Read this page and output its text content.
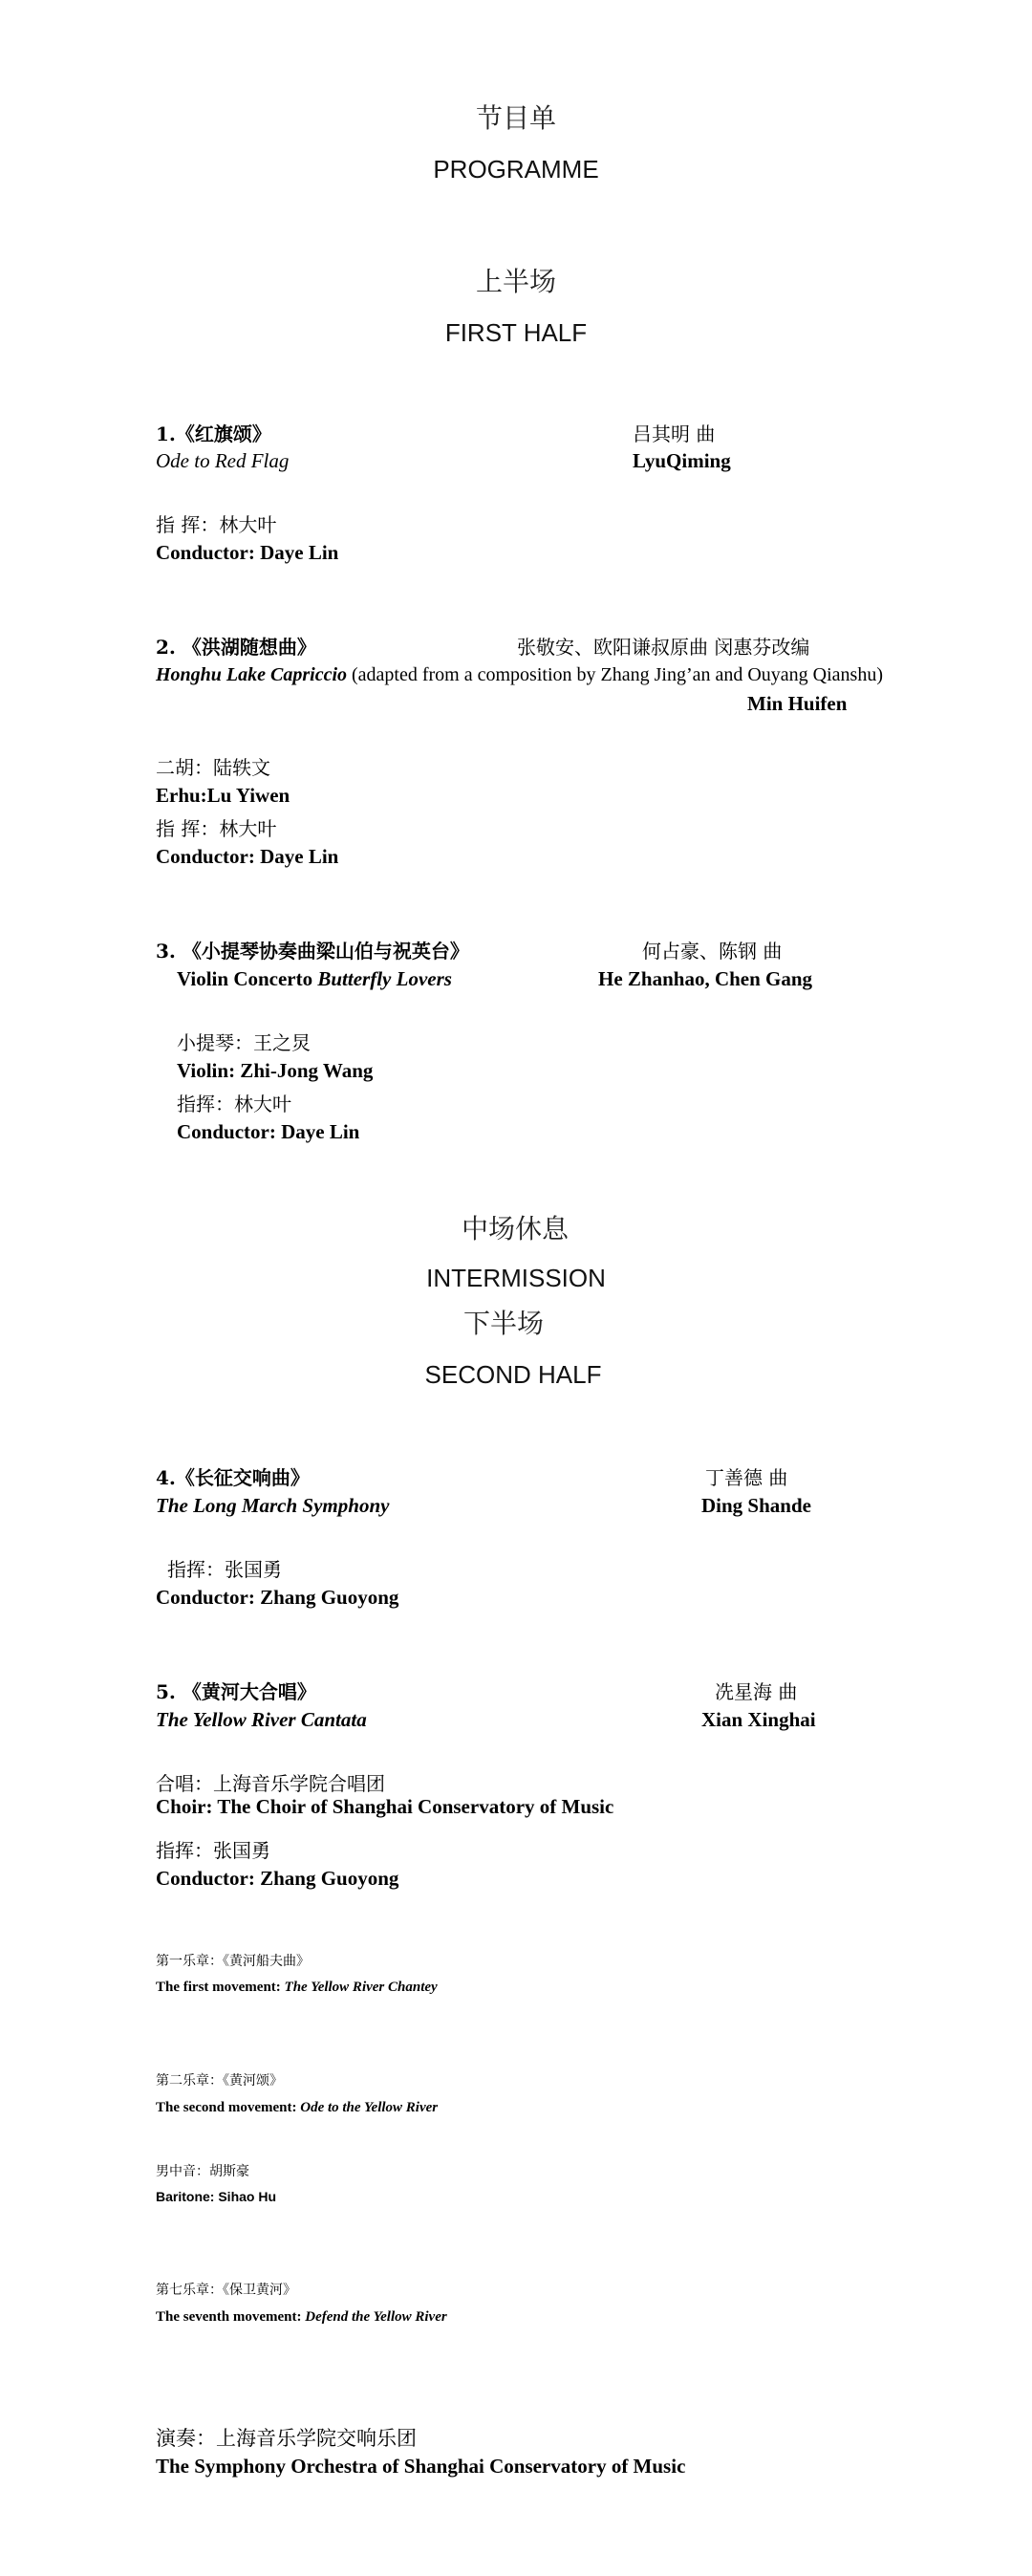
节目单
PROGRAMME
上半场
FIRST HALF
1.《红旗颂》	吕其明 曲
Ode to Red Flag	LyuQiming
指 挥：林大叶
Conductor: Daye Lin
2. 《洪湖随想曲》	张敬安、欧阳谦叔原曲 闵惠芬改编
Honghu Lake Capriccio (adapted from a composition by Zhang Jing’an and Ouyang Qianshu)
Min Huifen
二胡：陆轶文
Erhu:Lu Yiwen
指 挥：林大叶
Conductor: Daye Lin
3. 《小提琴协奏曲梁山伯与祝英台》	何占豪、陈钢 曲
Violin Concerto Butterfly Lovers	He Zhanhao, Chen Gang
小提琴：王之炅
Violin: Zhi-Jong Wang
指挥：林大叶
Conductor: Daye Lin
中场休息
INTERMISSION
下半场
SECOND HALF
4.《长征交响曲》	丁善德 曲
The Long March Symphony	Ding Shande
指挥：张国勇
Conductor: Zhang Guoyong
5. 《黄河大合唱》	冼星海 曲
The Yellow River Cantata	Xian Xinghai
合唱：上海音乐学院合唱团
Choir: The Choir of Shanghai Conservatory of Music
指挥：张国勇
Conductor: Zhang Guoyong
第一乐章：《黄河船夫曲》
The first movement: The Yellow River Chantey
第二乐章：《黄河颂》
The second movement: Ode to the Yellow River
男中音：胡斯豪
Baritone: Sihao Hu
第七乐章：《保卫黄河》
The seventh movement: Defend the Yellow River
演奏：上海音乐学院交响乐团
The Symphony Orchestra of Shanghai Conservatory of Music
